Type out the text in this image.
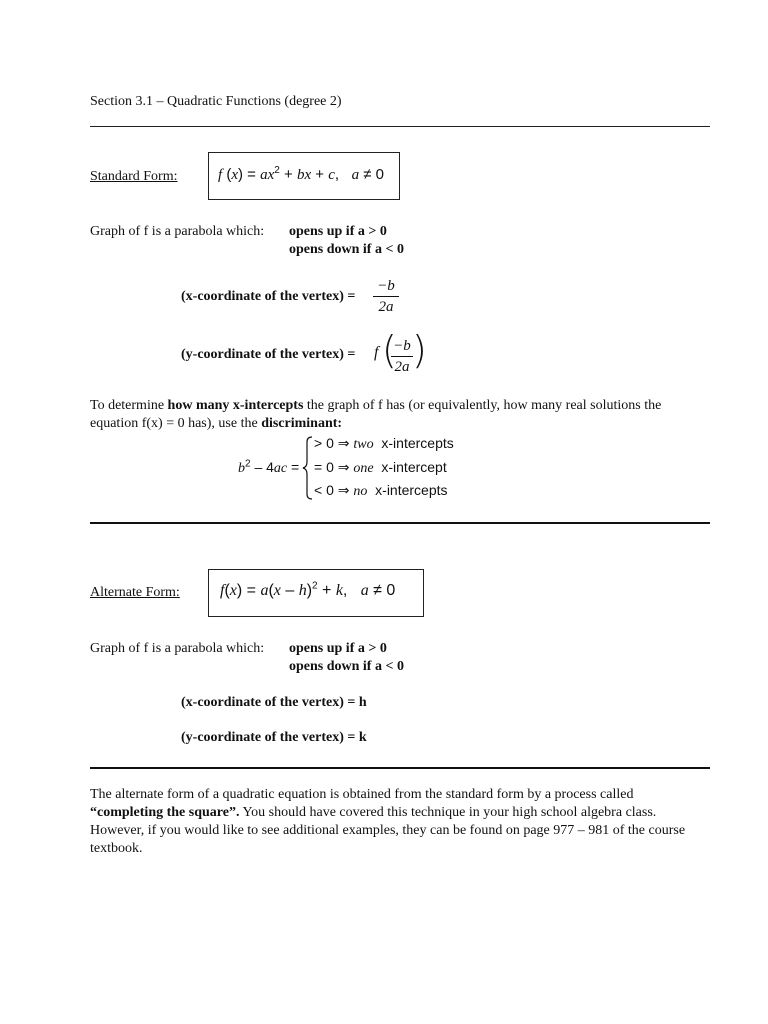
Section 3.1 – Quadratic Functions (degree 2)
Standard Form:	f $(x) = ax^2$ + bx + c,   a ≠ 0
Graph of f is a parabola which: opens up if a > 0
opens down if a < 0
(x-coordinate of the vertex) =
−b
2a
(y-coordinate of the vertex) = f (
−b
2a )
To determine how many x-intercepts the graph of f has (or equivalently, how many real solutions the equation f(x) = 0 has), use the discriminant:
$b^2 - 4ac$ =
> 0 ⇒ two x-intercepts
= 0 ⇒ one x-intercept
< 0 ⇒ no x-intercepts
Alternate Form:	f(x) = a(x – h)$^2$ + k,   a ≠ 0
Graph of f is a parabola which: opens up if a > 0
opens down if a < 0
(x-coordinate of the vertex) = h
(y-coordinate of the vertex) = k
The alternate form of a quadratic equation is obtained from the standard form by a process called “completing the square”. You should have covered this technique in your high school algebra class. However, if you would like to see additional examples, they can be found on page 977 – 981 of the course textbook.
